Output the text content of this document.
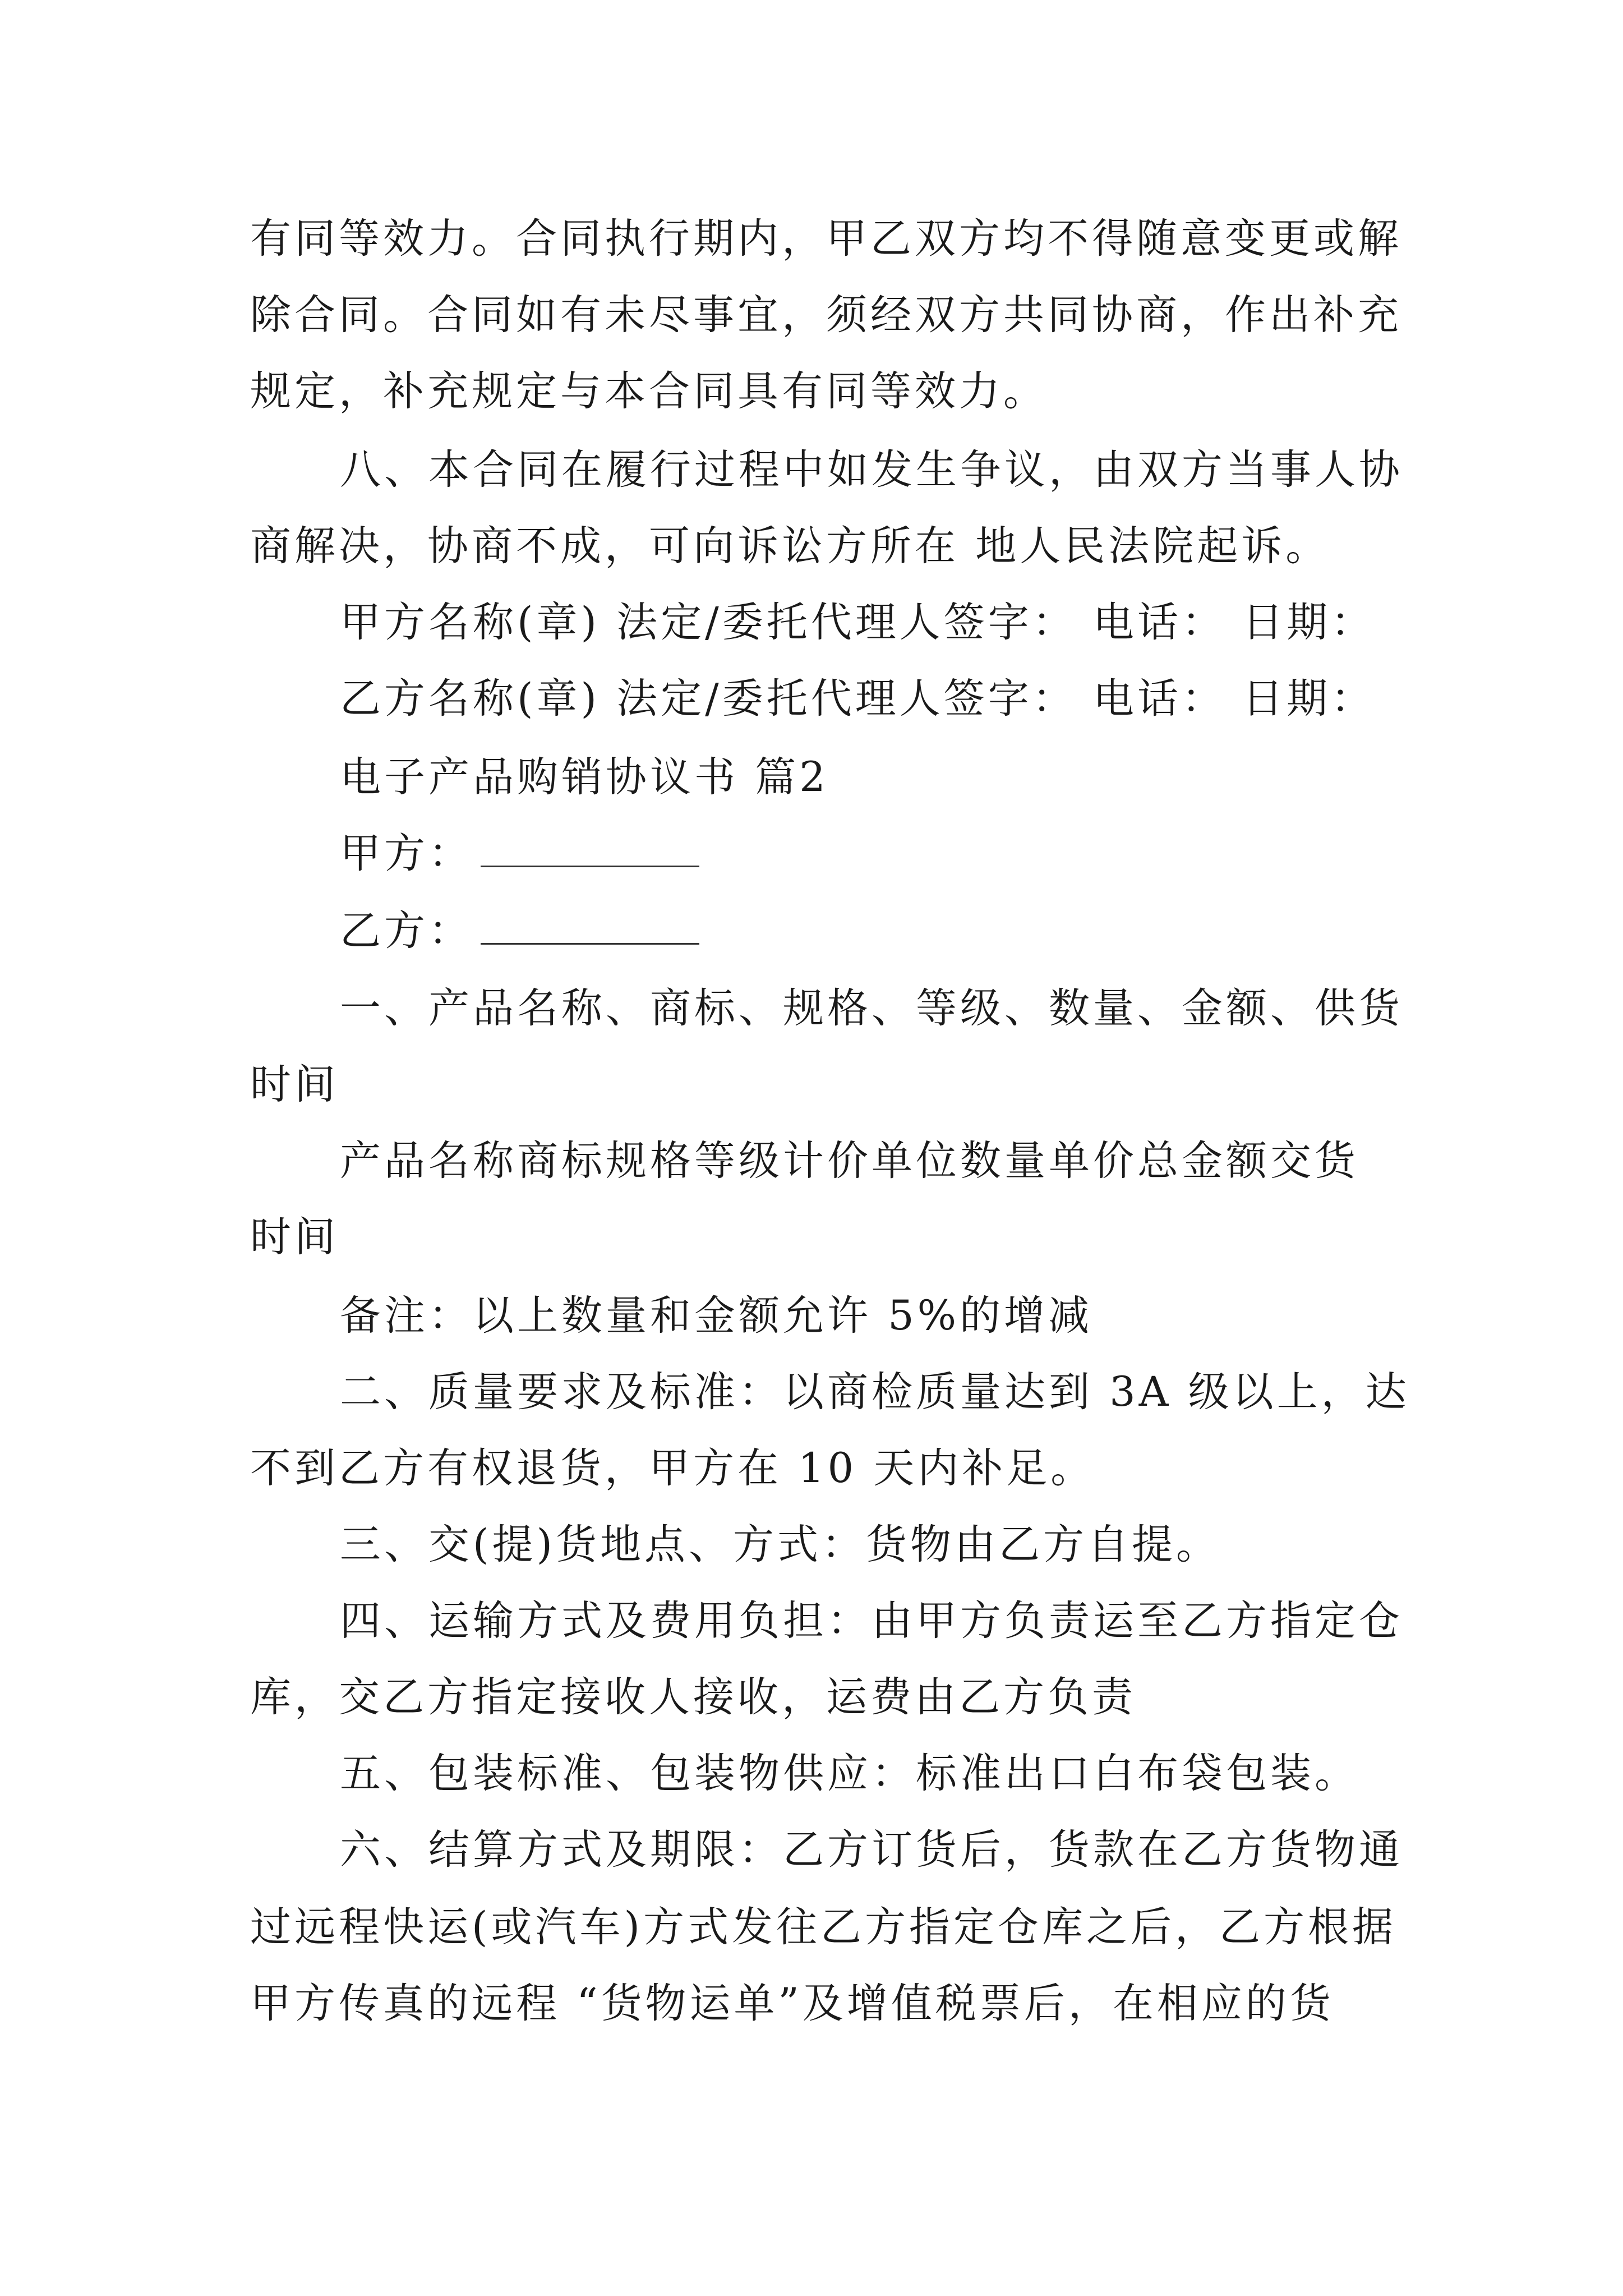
有同等效力。合同执行期内，甲乙双方均不得随意变更或解
除合同。合同如有未尽事宜，须经双方共同协商，作出补充
规定，补充规定与本合同具有同等效力。
八、本合同在履行过程中如发生争议，由双方当事人协
商解决，协商不成，可向诉讼方所在 地人民法院起诉。
甲方名称(章) 法定/委托代理人签字： 电话： 日期：
乙方名称(章) 法定/委托代理人签字： 电话： 日期：
电子产品购销协议书 篇2
甲方：
乙方：
一、产品名称、商标、规格、等级、数量、金额、供货
时间
产品名称商标规格等级计价单位数量单价总金额交货
时间
备注：以上数量和金额允许 5%的增减
二、质量要求及标准：以商检质量达到 3A 级以上，达
不到乙方有权退货，甲方在 10 天内补足。
三、交(提)货地点、方式：货物由乙方自提。
四、运输方式及费用负担：由甲方负责运至乙方指定仓
库，交乙方指定接收人接收，运费由乙方负责
五、包装标准、包装物供应：标准出口白布袋包装。
六、结算方式及期限：乙方订货后，货款在乙方货物通
过远程快运(或汽车)方式发往乙方指定仓库之后，乙方根据
甲方传真的远程 “货物运单”及增值税票后，在相应的货
